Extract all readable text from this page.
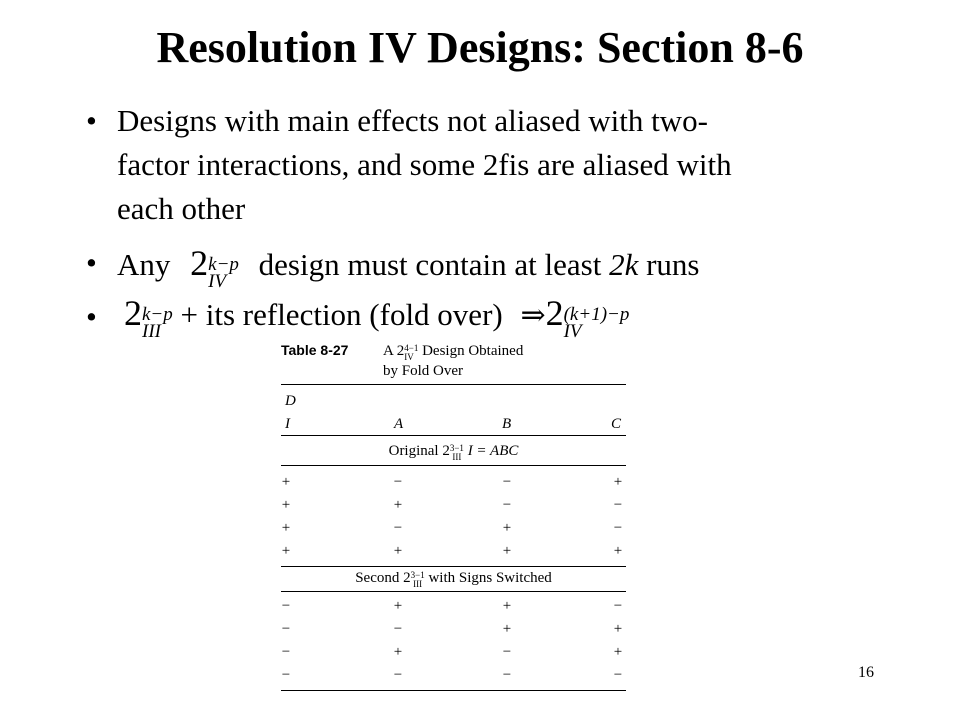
Resolution IV Designs: Section 8-6
• Designs with main effects not aliased with two-
factor interactions, and some 2fis are aliased with
each other
• Any 2 k−p
IV	design must contain at least 2k runs
• 2 k−p
III + its reflection (fold over) ⇒2 (k+1)−p
IV
Table 8-27 A 2 4−1
IV Design Obtained
by Fold Over
D
I	A	B	C
Original 2 3−1
III I = ABC
+	−	−	+
+	+	−	−
+	−	+	−
+	+	+	+
Second 2 3−1
III with Signs Switched
−	+	+	−
−	−	+	+
−	+	−	+
−	−	−	−	16
